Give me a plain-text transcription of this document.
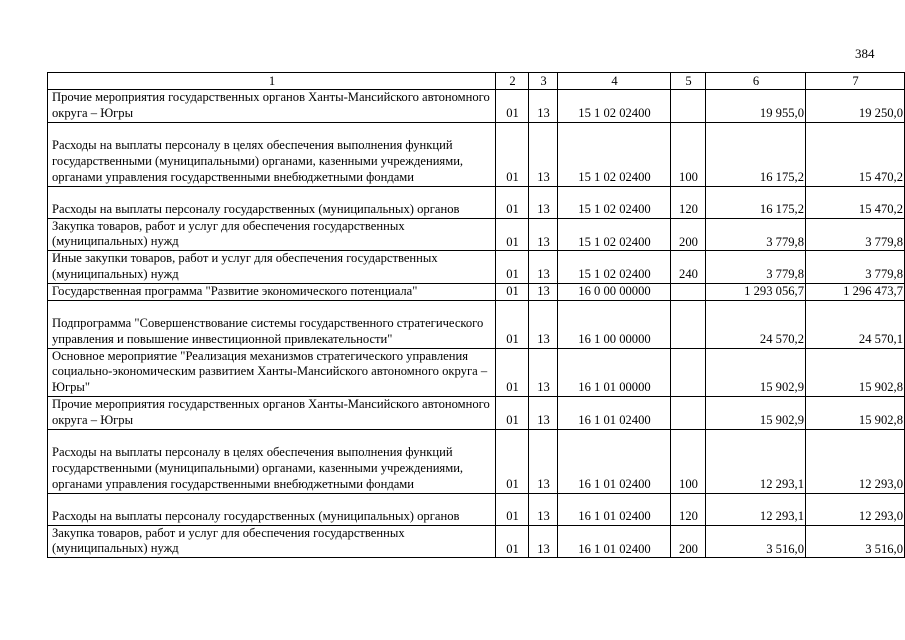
384
1	2	3	4	5	6	7
Прочие мероприятия государственных органов Ханты-Мансийского автономного округа – Югры	01	13	15 1 02 02400		19 955,0	19 250,0
Расходы на выплаты персоналу в целях обеспечения выполнения функций государственными (муниципальными) органами, казенными учреждениями, органами управления государственными внебюджетными фондами	01	13	15 1 02 02400	100	16 175,2	15 470,2
Расходы на выплаты персоналу государственных (муниципальных) органов	01	13	15 1 02 02400	120	16 175,2	15 470,2
Закупка товаров, работ и услуг для обеспечения государственных (муниципальных) нужд	01	13	15 1 02 02400	200	3 779,8	3 779,8
Иные закупки товаров, работ и услуг для обеспечения государственных (муниципальных) нужд	01	13	15 1 02 02400	240	3 779,8	3 779,8
Государственная программа "Развитие экономического потенциала"	01	13	16 0 00 00000		1 293 056,7	1 296 473,7
Подпрограмма "Совершенствование системы государственного стратегического управления и повышение инвестиционной привлекательности"	01	13	16 1 00 00000		24 570,2	24 570,1
Основное мероприятие "Реализация механизмов стратегического управления социально-экономическим развитием Ханты-Мансийского автономного округа – Югры"	01	13	16 1 01 00000		15 902,9	15 902,8
Прочие мероприятия государственных органов Ханты-Мансийского автономного округа – Югры	01	13	16 1 01 02400		15 902,9	15 902,8
Расходы на выплаты персоналу в целях обеспечения выполнения функций государственными (муниципальными) органами, казенными учреждениями, органами управления государственными внебюджетными фондами	01	13	16 1 01 02400	100	12 293,1	12 293,0
Расходы на выплаты персоналу государственных (муниципальных) органов	01	13	16 1 01 02400	120	12 293,1	12 293,0
Закупка товаров, работ и услуг для обеспечения государственных (муниципальных) нужд	01	13	16 1 01 02400	200	3 516,0	3 516,0
